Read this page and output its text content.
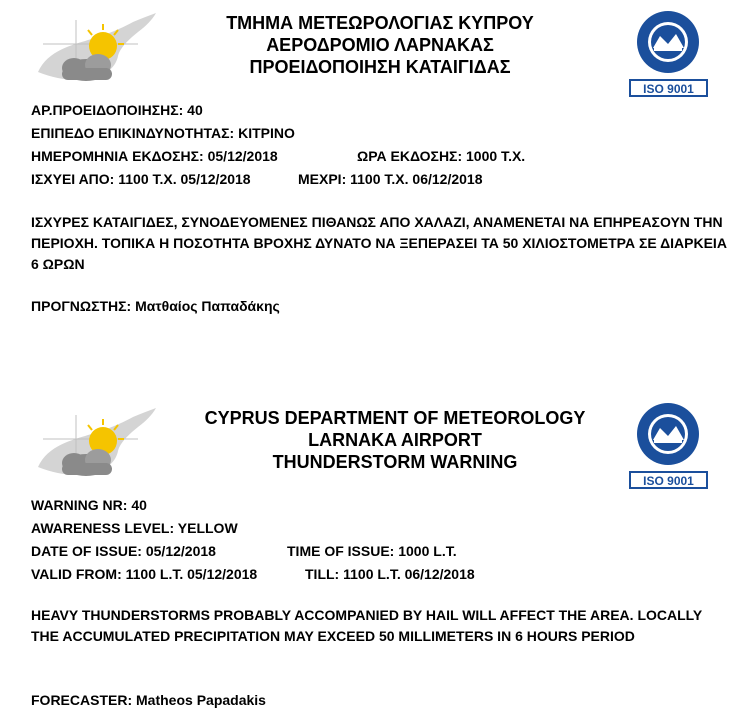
ΤΜΗΜΑ ΜΕΤΕΩΡΟΛΟΓΙΑΣ ΚΥΠΡΟΥ
ΑΕΡΟΔΡΟΜΙΟ ΛΑΡΝΑΚΑΣ
ΠΡΟΕΙΔΟΠΟΙΗΣΗ ΚΑΤΑΙΓΙΔΑΣ
ISO 9001
ΑΡ.ΠΡΟΕΙΔΟΠΟΙΗΣΗΣ: 40
ΕΠΙΠΕΔΟ ΕΠΙΚΙΝΔΥΝΟΤΗΤΑΣ: ΚΙΤΡΙΝΟ
ΗΜΕΡΟΜΗΝΙΑ ΕΚΔΟΣΗΣ: 05/12/2018	ΩΡΑ ΕΚΔΟΣΗΣ: 1000 Τ.Χ.
ΙΣΧΥΕΙ ΑΠΟ: 1100 Τ.Χ. 05/12/2018	ΜΕΧΡΙ: 1100 Τ.Χ. 06/12/2018
ΙΣΧΥΡΕΣ ΚΑΤΑΙΓΙΔΕΣ, ΣΥΝΟΔΕΥΟΜΕΝΕΣ ΠΙΘΑΝΩΣ ΑΠΟ ΧΑΛΑΖΙ, ΑΝΑΜΕΝΕΤΑΙ ΝΑ ΕΠΗΡΕΑΣΟΥΝ ΤΗΝ ΠΕΡΙΟΧΗ. ΤΟΠΙΚΑ Η ΠΟΣΟΤΗΤΑ ΒΡΟΧΗΣ ΔΥΝΑΤΟ ΝΑ ΞΕΠΕΡΑΣΕΙ ΤΑ 50 ΧΙΛΙΟΣΤΟΜΕΤΡΑ ΣΕ ΔΙΑΡΚΕΙΑ 6 ΩΡΩΝ
ΠΡΟΓΝΩΣΤΗΣ: Ματθαίος Παπαδάκης
CYPRUS DEPARTMENT OF METEOROLOGY
LARNAKA AIRPORT
THUNDERSTORM WARNING
ISO 9001
WARNING NR: 40
AWARENESS LEVEL: YELLOW
DATE OF ISSUE: 05/12/2018	TIME OF ISSUE: 1000 L.T.
VALID FROM: 1100 L.T. 05/12/2018	TILL: 1100 L.T. 06/12/2018
HEAVY THUNDERSTORMS PROBABLY ACCOMPANIED BY HAIL WILL AFFECT THE AREA. LOCALLY THE ACCUMULATED PRECIPITATION MAY EXCEED 50 MILLIMETERS IN 6 HOURS PERIOD
FORECASTER: Matheos Papadakis
